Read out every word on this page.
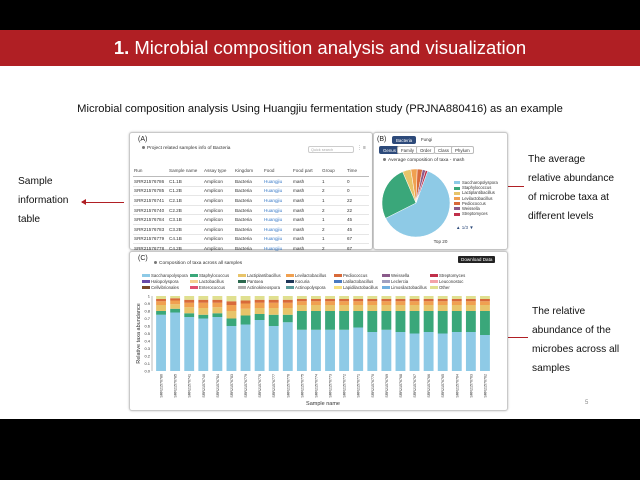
1. Microbial composition analysis and visualization
Microbial composition analysis Using Huangjiu fermentation study (PRJNA880416) as an example
Sample
information
table
The average
relative abundance
of microbe taxa at
different levels
The relative
abundance of the
microbes across all
samples
(A)
Project related samples info of Bacteria	Quick search	⋮ ≡
Run	Sample name	Assay type	Kingdom	Food	Food part	Group	Time
SRR21576786	C1.1B	Amplicon	Bacteria	Huangjiu	mash	1	0
SRR21576785	C1.2B	Amplicon	Bacteria	Huangjiu	mash	2	0
SRR21576741	C2.1B	Amplicon	Bacteria	Huangjiu	mash	1	22
SRR21576740	C2.2B	Amplicon	Bacteria	Huangjiu	mash	2	22
SRR21576784	C3.1B	Amplicon	Bacteria	Huangjiu	mash	1	45
SRR21576783	C3.2B	Amplicon	Bacteria	Huangjiu	mash	2	45
SRR21576779	C4.1B	Amplicon	Bacteria	Huangjiu	mash	1	67
SRR21576778	C4.2B	Amplicon	Bacteria	Huangjiu	mash	2	67
(B)	Bacteria	Fungi
Genus	Family	Order	Class	Phylum
Average composition of taxa - mash
Saccharopolyspora
Staphylococcus
Lactiplantibacillus
Levilactobacillus
Pediococcus
Weissella
Streptomyces
▲ 1/3 ▼
Top 20
(C)
Composition of taxa across all samples
Download Data
Saccharopolyspora	Staphylococcus	Lactiplantibacillus	Levilactobacillus	Pediococcus	Weissella	StreptomycesHalopolyspora	Lactobacillus	Pantoea	Kocuria	Latilactobacillus	Leclercia	LeuconostocCellvibrionales	Enterococcus	Actinokineospora	Actinopolyspora	Lapidilactobacillus	Limosilactobacillus	Other
0.0
0.1
0.2
0.3
0.4
0.5
0.6
0.7
0.8
0.9
1
Relative taxa abundance
SRR21576786	SRR21576785	SRR21576741	SRR21576740	SRR21576784	SRR21576783	SRR21576779	SRR21576778	SRR21576777	SRR21576776	SRR21576775	SRR21576774	SRR21576773	SRR21576772	SRR21576771	SRR21576770	SRR21576769	SRR21576768	SRR21576767	SRR21576766	SRR21576765	SRR21576764	SRR21576763	SRR21576762
Sample name	5
